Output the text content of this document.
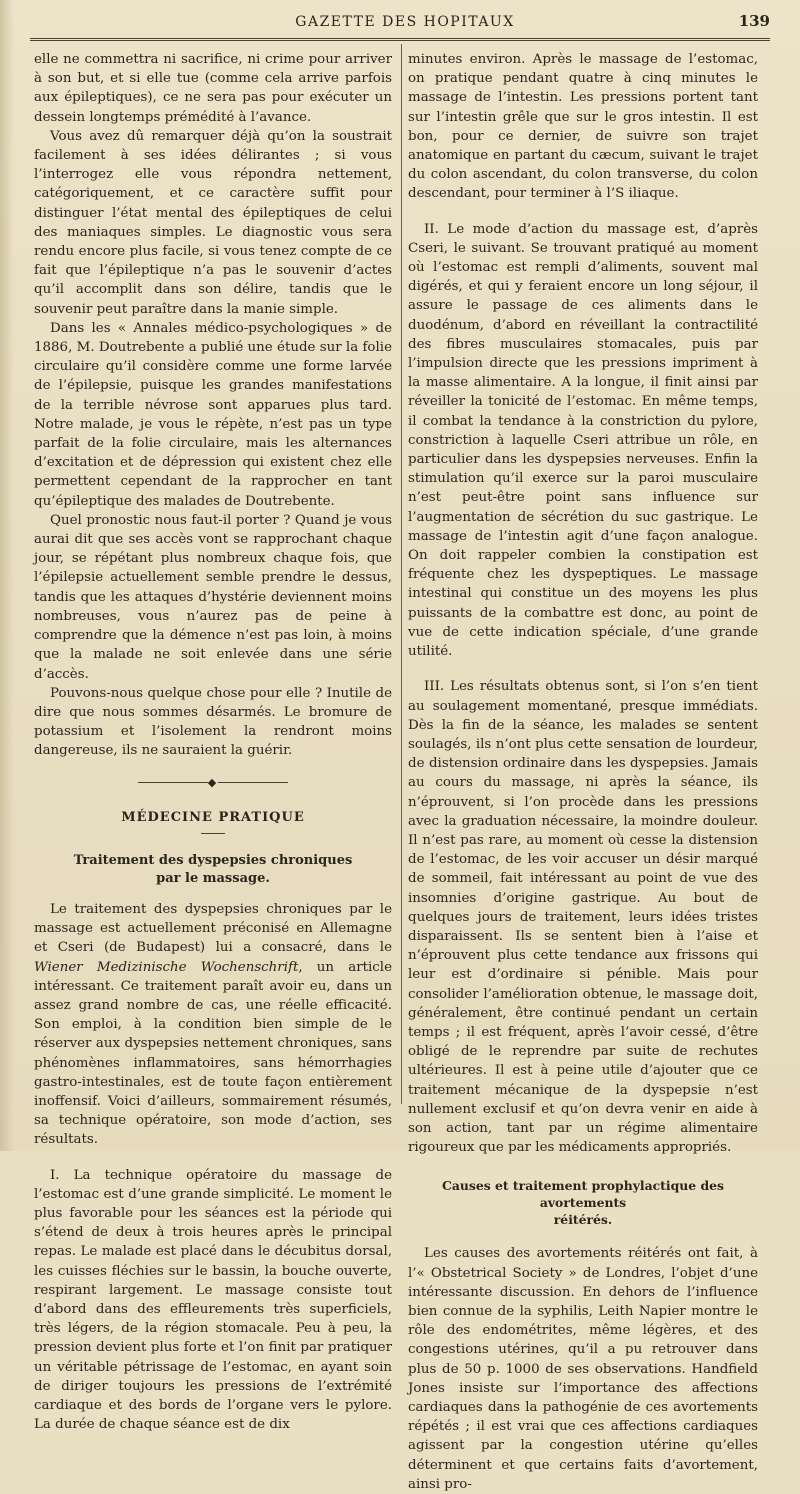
GAZETTE DES HOPITAUX	139

elle ne commettra ni sacrifice, ni crime pour arriver à son but, et si elle tue (comme cela arrive parfois aux épileptiques), ce ne sera pas pour exécuter un dessein longtemps prémédité à l’avance.

Vous avez dû remarquer déjà qu’on la soustrait facilement à ses idées délirantes ; si vous l’interrogez elle vous répondra nettement, catégoriquement, et ce caractère suffit pour distinguer l’état mental des épileptiques de celui des maniaques simples. Le diagnostic vous sera rendu encore plus facile, si vous tenez compte de ce fait que l’épileptique n’a pas le souvenir d’actes qu’il accomplit dans son délire, tandis que le souvenir peut paraître dans la manie simple.

Dans les « Annales médico-psychologiques » de 1886, M. Doutrebente a publié une étude sur la folie circulaire qu’il considère comme une forme larvée de l’épilepsie, puisque les grandes manifestations de la terrible névrose sont apparues plus tard. Notre malade, je vous le répète, n’est pas un type parfait de la folie circulaire, mais les alternances d’excitation et de dépression qui existent chez elle permettent cependant de la rapprocher en tant qu’épileptique des malades de Doutrebente.

Quel pronostic nous faut-il porter ? Quand je vous aurai dit que ses accès vont se rapprochant chaque jour, se répétant plus nombreux chaque fois, que l’épilepsie actuellement semble prendre le dessus, tandis que les attaques d’hystérie deviennent moins nombreuses, vous n’aurez pas de peine à comprendre que la démence n’est pas loin, à moins que la malade ne soit enlevée dans une série d’accès.

Pouvons-nous quelque chose pour elle ? Inutile de dire que nous sommes désarmés. Le bromure de potassium et l’isolement la rendront moins dangereuse, ils ne sauraient la guérir.

◆
MÉDECINE PRATIQUE
Traitement des dyspepsies chroniques
par le massage.

Le traitement des dyspepsies chroniques par le massage est actuellement préconisé en Allemagne et Cseri (de Budapest) lui a consacré, dans le Wiener Medizinische Wochenschrift, un article intéressant. Ce traitement paraît avoir eu, dans un assez grand nombre de cas, une réelle efficacité. Son emploi, à la condition bien simple de le réserver aux dyspepsies nettement chroniques, sans phénomènes inflammatoires, sans hémorrhagies gastro-intestinales, est de toute façon entièrement inoffensif. Voici d’ailleurs, sommairement résumés, sa technique opératoire, son mode d’action, ses résultats.

I. La technique opératoire du massage de l’estomac est d’une grande simplicité. Le moment le plus favorable pour les séances est la période qui s’étend de deux à trois heures après le principal repas. Le malade est placé dans le décubitus dorsal, les cuisses fléchies sur le bassin, la bouche ouverte, respirant largement. Le massage consiste tout d’abord dans des effleurements très superficiels, très légers, de la région stomacale. Peu à peu, la pression devient plus forte et l’on finit par pratiquer un véritable pétrissage de l’estomac, en ayant soin de diriger toujours les pressions de l’extrémité cardiaque et des bords de l’organe vers le pylore. La durée de chaque séance est de dix

minutes environ. Après le massage de l’estomac, on pratique pendant quatre à cinq minutes le massage de l’intestin. Les pressions portent tant sur l’intestin grêle que sur le gros intestin. Il est bon, pour ce dernier, de suivre son trajet anatomique en partant du cæcum, suivant le trajet du colon ascendant, du colon transverse, du colon descendant, pour terminer à l’S iliaque.

II. Le mode d’action du massage est, d’après Cseri, le suivant. Se trouvant pratiqué au moment où l’estomac est rempli d’aliments, souvent mal digérés, et qui y feraient encore un long séjour, il assure le passage de ces aliments dans le duodénum, d’abord en réveillant la contractilité des fibres musculaires stomacales, puis par l’impulsion directe que les pressions impriment à la masse alimentaire. A la longue, il finit ainsi par réveiller la tonicité de l’estomac. En même temps, il combat la tendance à la constriction du pylore, constriction à laquelle Cseri attribue un rôle, en particulier dans les dyspepsies nerveuses. Enfin la stimulation qu’il exerce sur la paroi musculaire n’est peut-être point sans influence sur l’augmentation de sécrétion du suc gastrique. Le massage de l’intestin agit d’une façon analogue. On doit rappeler combien la constipation est fréquente chez les dyspeptiques. Le massage intestinal qui constitue un des moyens les plus puissants de la combattre est donc, au point de vue de cette indication spéciale, d’une grande utilité.

III. Les résultats obtenus sont, si l’on s’en tient au soulagement momentané, presque immédiats. Dès la fin de la séance, les malades se sentent soulagés, ils n’ont plus cette sensation de lourdeur, de distension ordinaire dans les dyspepsies. Jamais au cours du massage, ni après la séance, ils n’éprouvent, si l’on procède dans les pressions avec la graduation nécessaire, la moindre douleur. Il n’est pas rare, au moment où cesse la distension de l’estomac, de les voir accuser un désir marqué de sommeil, fait intéressant au point de vue des insomnies d’origine gastrique. Au bout de quelques jours de traitement, leurs idées tristes disparaissent. Ils se sentent bien à l’aise et n’éprouvent plus cette tendance aux frissons qui leur est d’ordinaire si pénible. Mais pour consolider l’amélioration obtenue, le massage doit, généralement, être continué pendant un certain temps ; il est fréquent, après l’avoir cessé, d’être obligé de le reprendre par suite de rechutes ultérieures. Il est à peine utile d’ajouter que ce traitement mécanique de la dyspepsie n’est nullement exclusif et qu’on devra venir en aide à son action, tant par un régime alimentaire rigoureux que par les médicaments appropriés.

Causes et traitement prophylactique des avortements
réitérés.

Les causes des avortements réitérés ont fait, à l’« Obstetrical Society » de Londres, l’objet d’une intéressante discussion. En dehors de l’influence bien connue de la syphilis, Leith Napier montre le rôle des endométrites, même légères, et des congestions utérines, qu’il a pu retrouver dans plus de 50 p. 1000 de ses observations. Handfield Jones insiste sur l’importance des affections cardiaques dans la pathogénie de ces avortements répétés ; il est vrai que ces affections cardiaques agissent par la congestion utérine qu’elles déterminent et que certains faits d’avortement, ainsi pro-
